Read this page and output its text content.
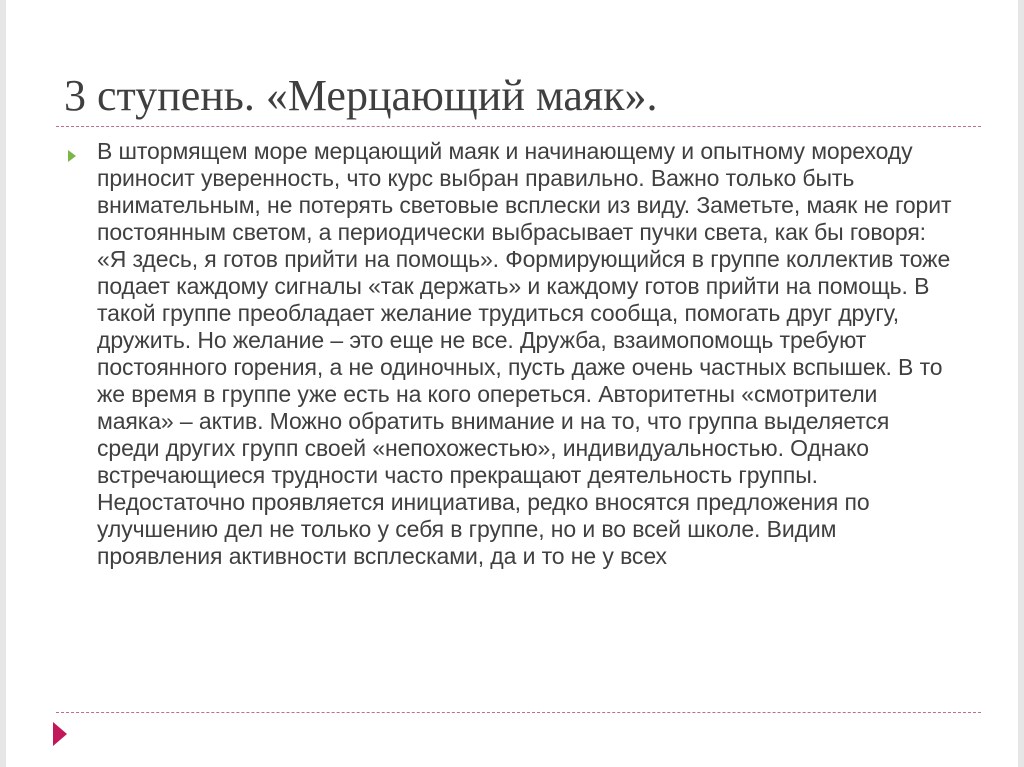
3 ступень. «Мерцающий маяк».

В штормящем море мерцающий маяк и начинающему и опытному мореходу приносит уверенность, что курс выбран правильно. Важно только быть внимательным, не потерять световые всплески из виду. Заметьте, маяк не горит постоянным светом, а периодически выбрасывает пучки света, как бы говоря: «Я здесь, я готов прийти на помощь». Формирующийся в группе коллектив тоже подает каждому сигналы «так держать» и каждому готов прийти на помощь. В такой группе преобладает желание трудиться сообща, помогать друг другу, дружить. Но желание – это еще не все. Дружба, взаимопомощь требуют постоянного горения, а не одиночных, пусть даже очень частных вспышек. В то же время в группе уже есть на кого опереться. Авторитетны «смотрители маяка» – актив. Можно обратить внимание и на то, что группа выделяется среди других групп своей «непохожестью», индивидуальностью. Однако встречающиеся трудности часто прекращают деятельность группы. Недостаточно проявляется инициатива, редко вносятся предложения по улучшению дел не только у себя в группе, но и во всей школе. Видим проявления активности всплесками, да и то не у всех
